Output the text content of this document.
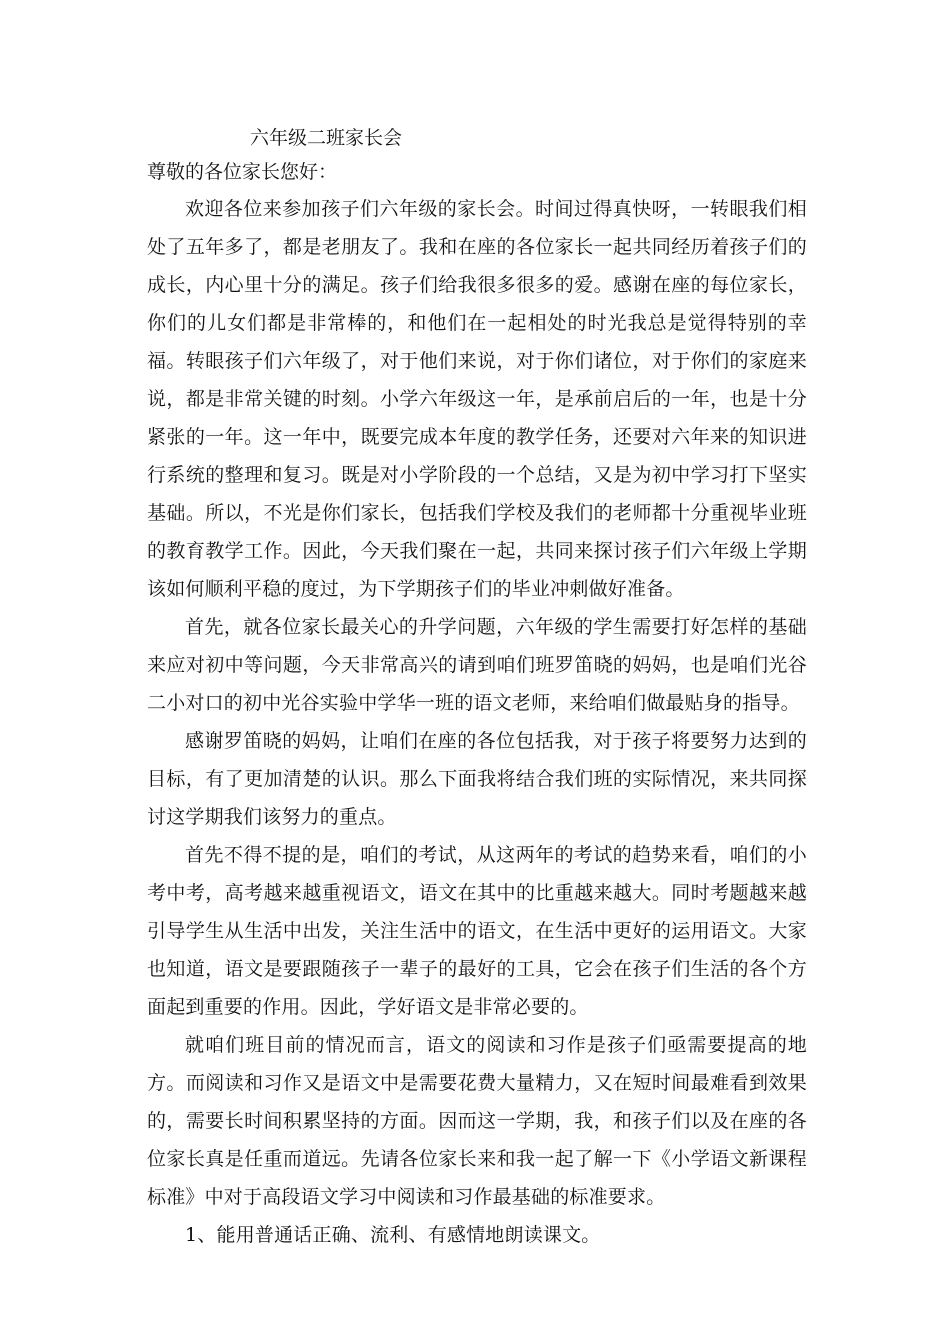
六年级二班家长会
尊敬的各位家长您好：

欢迎各位来参加孩子们六年级的家长会。时间过得真快呀，一转眼我们相处了五年多了，都是老朋友了。我和在座的各位家长一起共同经历着孩子们的成长，内心里十分的满足。孩子们给我很多很多的爱。感谢在座的每位家长，你们的儿女们都是非常棒的，和他们在一起相处的时光我总是觉得特别的幸福。转眼孩子们六年级了，对于他们来说，对于你们诸位，对于你们的家庭来说，都是非常关键的时刻。小学六年级这一年，是承前启后的一年，也是十分紧张的一年。这一年中，既要完成本年度的教学任务，还要对六年来的知识进行系统的整理和复习。既是对小学阶段的一个总结，又是为初中学习打下坚实基础。所以，不光是你们家长，包括我们学校及我们的老师都十分重视毕业班的教育教学工作。因此，今天我们聚在一起，共同来探讨孩子们六年级上学期该如何顺利平稳的度过，为下学期孩子们的毕业冲刺做好准备。

首先，就各位家长最关心的升学问题，六年级的学生需要打好怎样的基础来应对初中等问题，今天非常高兴的请到咱们班罗笛晓的妈妈，也是咱们光谷二小对口的初中光谷实验中学华一班的语文老师，来给咱们做最贴身的指导。

感谢罗笛晓的妈妈，让咱们在座的各位包括我，对于孩子将要努力达到的目标，有了更加清楚的认识。那么下面我将结合我们班的实际情况，来共同探讨这学期我们该努力的重点。

首先不得不提的是，咱们的考试，从这两年的考试的趋势来看，咱们的小考中考，高考越来越重视语文，语文在其中的比重越来越大。同时考题越来越引导学生从生活中出发，关注生活中的语文，在生活中更好的运用语文。大家也知道，语文是要跟随孩子一辈子的最好的工具，它会在孩子们生活的各个方面起到重要的作用。因此，学好语文是非常必要的。

就咱们班目前的情况而言，语文的阅读和习作是孩子们亟需要提高的地方。而阅读和习作又是语文中是需要花费大量精力，又在短时间最难看到效果的，需要长时间积累坚持的方面。因而这一学期，我，和孩子们以及在座的各位家长真是任重而道远。先请各位家长来和我一起了解一下《小学语文新课程标准》中对于高段语文学习中阅读和习作最基础的标准要求。

1、能用普通话正确、流利、有感情地朗读课文。
